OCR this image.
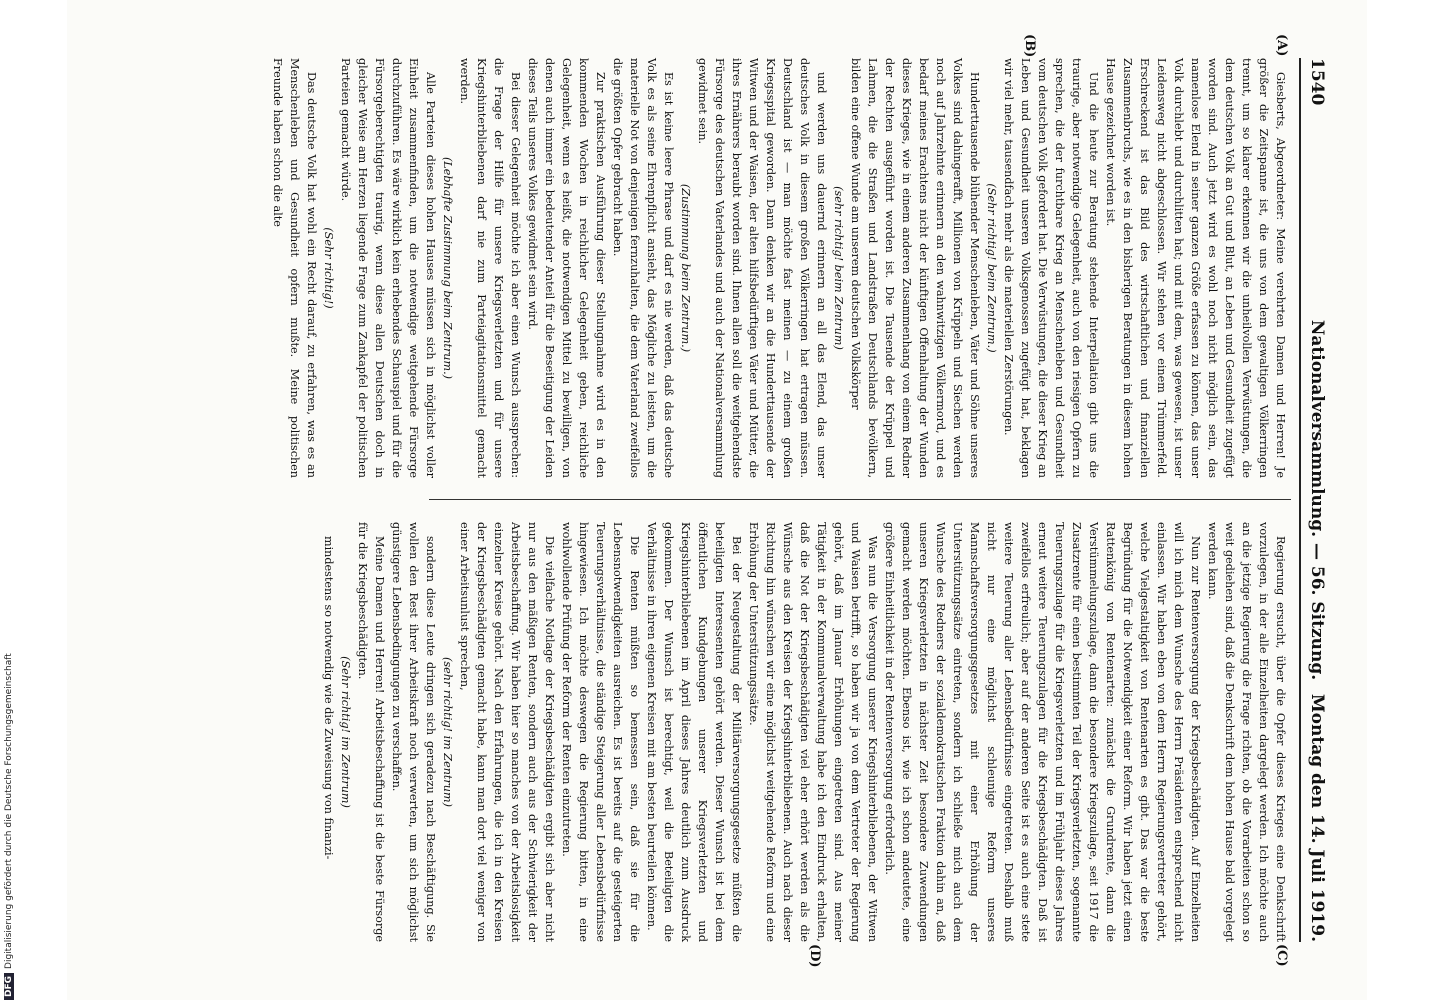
1540
Nationalversammlung. — 56. Sitzung.
Montag den 14. Juli 1919.
(A)
(B)
(C)
(D)

Giesberts, Abgeordneter: Meine verehrten Damen und Herren! Je größer die Zeitspanne ist, die uns von dem gewaltigen Völkerringen trennt, um so klarer erkennen wir die unheilvollen Verwüstungen, die dem deutschen Volk an Gut und Blut, an Leben und Gesundheit zugefügt worden sind. Auch jetzt wird es wohl noch nicht möglich sein, das namenlose Elend in seiner ganzen Größe erfassen zu können, das unser Volk durchlebt und durchlitten hat; und mit dem, was gewesen, ist unser Leidensweg nicht abgeschlossen. Wir stehen vor einem Trümmerfeld. Erschreckend ist das Bild des wirtschaftlichen und finanziellen Zusammenbruchs, wie es in den bisherigen Beratungen in diesem hohen Hause gezeichnet worden ist.

Und die heute zur Beratung stehende Interpellation gibt uns die traurige, aber notwendige Gelegenheit, auch von den riesigen Opfern zu sprechen, die der furchtbare Krieg an Menschenleben und Gesundheit vom deutschen Volk gefordert hat. Die Verwüstungen, die dieser Krieg an Leben und Gesundheit unseren Volksgenossen zugefügt hat, beklagen wir viel mehr, tausendfach mehr als die materiellen Zerstörungen.

(Sehr richtig! beim Zentrum.)

Hunderttausende blühender Menschenleben, Väter und Söhne unseres Volkes sind dahingerafft, Millionen von Krüppeln und Siechen werden noch auf Jahrzehnte erinnern an den wahnwitzigen Völkermord, und es bedarf meines Erachtens nicht der künftigen Offenhaltung der Wunden dieses Krieges, wie in einem anderen Zusammenhang von einem Redner der Rechten ausgeführt worden ist. Die Tausende der Krüppel und Lahmen, die die Straßen und Landstraßen Deutschlands bevölkern, bilden eine offene Wunde am unserem deutschen Volkskörper

(sehr richtig! beim Zentrum)

und werden uns dauernd erinnern an all das Elend, das unser deutsches Volk in diesem großen Völkerringen hat ertragen müssen. Deutschland ist — man möchte fast meinen — zu einem großen Kriegsspital geworden. Dann denken wir an die Hunderttausende der Witwen und der Waisen, der alten hilfsbedürftigen Väter und Mütter, die ihres Ernährers beraubt worden sind. Ihnen allen soll die weitgehendste Fürsorge des deutschen Vaterlandes und auch der Nationalversammlung gewidmet sein.

(Zustimmung beim Zentrum.)

Es ist keine leere Phrase und darf es nie werden, daß das deutsche Volk es als seine Ehrenpflicht ansieht, das Mögliche zu leisten, um die materielle Not von denjenigen fernzuhalten, die dem Vaterland zweifellos die größten Opfer gebracht haben.

Zur praktischen Ausführung dieser Stellungnahme wird es in den kommenden Wochen in reichlicher Gelegenheit geben, reichliche Gelegenheit, wenn es heißt, die notwendigen Mittel zu bewilligen, von denen auch immer ein bedeutender Anteil für die Beseitigung der Leiden dieses Teils unseres Volkes gewidmet sein wird.

Bei dieser Gelegenheit möchte ich aber einen Wunsch aussprechen: die Frage der Hilfe für unsere Kriegsverletzten und für unsere Kriegshinterbliebenen darf nie zum Parteiagitationsmittel gemacht werden.

(Lebhafte Zustimmung beim Zentrum.)

Alle Parteien dieses hohen Hauses müssen sich in möglichst voller Einheit zusammenfinden, um die notwendige weitgehende Fürsorge durchzuführen. Es wäre wirklich kein erhebendes Schauspiel und für die Fürsorgeberechtigten traurig, wenn diese allen Deutschen doch in gleicher Weise am Herzen liegende Frage zum Zankapfel der politischen Parteien gemacht würde.

(Sehr richtig!)

Das deutsche Volk hat wohl ein Recht darauf, zu erfahren, was es an Menschenleben und Gesundheit opfern mußte. Meine politischen Freunde haben schon die alte

Regierung ersucht, über die Opfer dieses Krieges eine Denkschrift vorzulegen, in der alle Einzelheiten dargelegt werden. Ich möchte auch an die jetzige Regierung die Frage richten, ob die Vorarbeiten schon so weit gediehen sind, daß die Denkschrift dem hohen Hause bald vorgelegt werden kann.

Nun zur Rentenversorgung der Kriegsbeschädigten. Auf Einzelheiten will ich mich dem Wunsche des Herrn Präsidenten entsprechend nicht einlassen. Wir haben eben von dem Herrn Regierungsvertreter gehört, welche Vielgestaltigkeit von Rentenarten es gibt. Das war die beste Begründung für die Notwendigkeit einer Reform. Wir haben jetzt einen Rattenkönig von Rentenarten: zunächst die Grundrente, dann die Verstümmelungszulage, dann die besondere Kriegszulage, seit 1917 die Zusatzrente für einen bestimmten Teil der Kriegsverletzten, sogenannte Teuerungszulage für die Kriegsverletzten und im Frühjahr dieses Jahres erneut weitere Teuerungszulagen für die Kriegsbeschädigten. Daß ist zweifellos erfreulich; aber auf der anderen Seite ist es auch eine stete weitere Teuerung aller Lebensbedürfnisse eingetreten. Deshalb muß nicht nur eine möglichst schleunige Reform unseres Mannschaftsversorgungsgesetzes mit einer Erhöhung der Unterstützungssätze eintreten, sondern ich schließe mich auch dem Wunsche des Redners der sozialdemokratischen Fraktion dahin an, daß unseren Kriegsverletzten in nächster Zeit besondere Zuwendungen gemacht werden möchten. Ebenso ist, wie ich schon andeutete, eine größere Einheitlichkeit in der Rentenversorgung erforderlich.

Was nun die Versorgung unserer Kriegshinterbliebenen, der Witwen und Waisen betrifft, so haben wir ja von dem Vertreter der Regierung gehört, daß im Januar Erhöhungen eingetreten sind. Aus meiner Tätigkeit in der Kommunalverwaltung habe ich den Eindruck erhalten, daß die Not der Kriegsbeschädigten viel eher erhört werden als die Wünsche aus den Kreisen der Kriegshinterbliebenen. Auch nach dieser Richtung hin wünschen wir eine möglichst weitgehende Reform und eine Erhöhung der Unterstützungssätze.

Bei der Neugestaltung der Militärversorgungsgesetze müßten die beteiligten Interessenten gehört werden. Dieser Wunsch ist bei dem öffentlichen Kundgebungen unserer Kriegsverletzten und Kriegshinterbliebenen im April dieses Jahres deutlich zum Ausdruck gekommen. Der Wunsch ist berechtigt, weil die Beteiligten die Verhältnisse in ihren eigenen Kreisen mit am besten beurteilen können.

Die Renten müßten so bemessen sein, daß sie für die Lebensnotwendigkeiten ausreichen. Es ist bereits auf die gesteigerten Teuerungsverhältnisse, die ständige Steigerung aller Lebensbedürfnisse hingewiesen. Ich möchte deswegen die Regierung bitten, in eine wohlwollende Prüfung der Reform der Renten einzutreten.

Die vielfache Notlage der Kriegsbeschädigten ergibt sich aber nicht nur aus den mäßigen Renten, sondern auch aus der Schwierigkeit der Arbeitsbeschaffung. Wir haben hier so manches von der Arbeitslosigkeit einzelner Kreise gehört. Nach den Erfahrungen, die ich in den Kreisen der Kriegsbeschädigten gemacht habe, kann man dort viel weniger von einer Arbeitsunlust sprechen,

(sehr richtig! im Zentrum)

sondern diese Leute dringen sich geradezu nach Beschäftigung. Sie wollen den Rest ihrer Arbeitskraft noch verwerten, um sich möglichst günstigere Lebensbedingungen zu verschaffen.

Meine Damen und Herren! Arbeitsbeschaffung ist die beste Fürsorge für die Kriegsbeschädigten.

(Sehr richtig! im Zentrum)

mindestens so notwendig wie die Zuweisung von finanzi-

DFGDigitalisierung gefördert durch die Deutsche Forschungsgemeinschaft
